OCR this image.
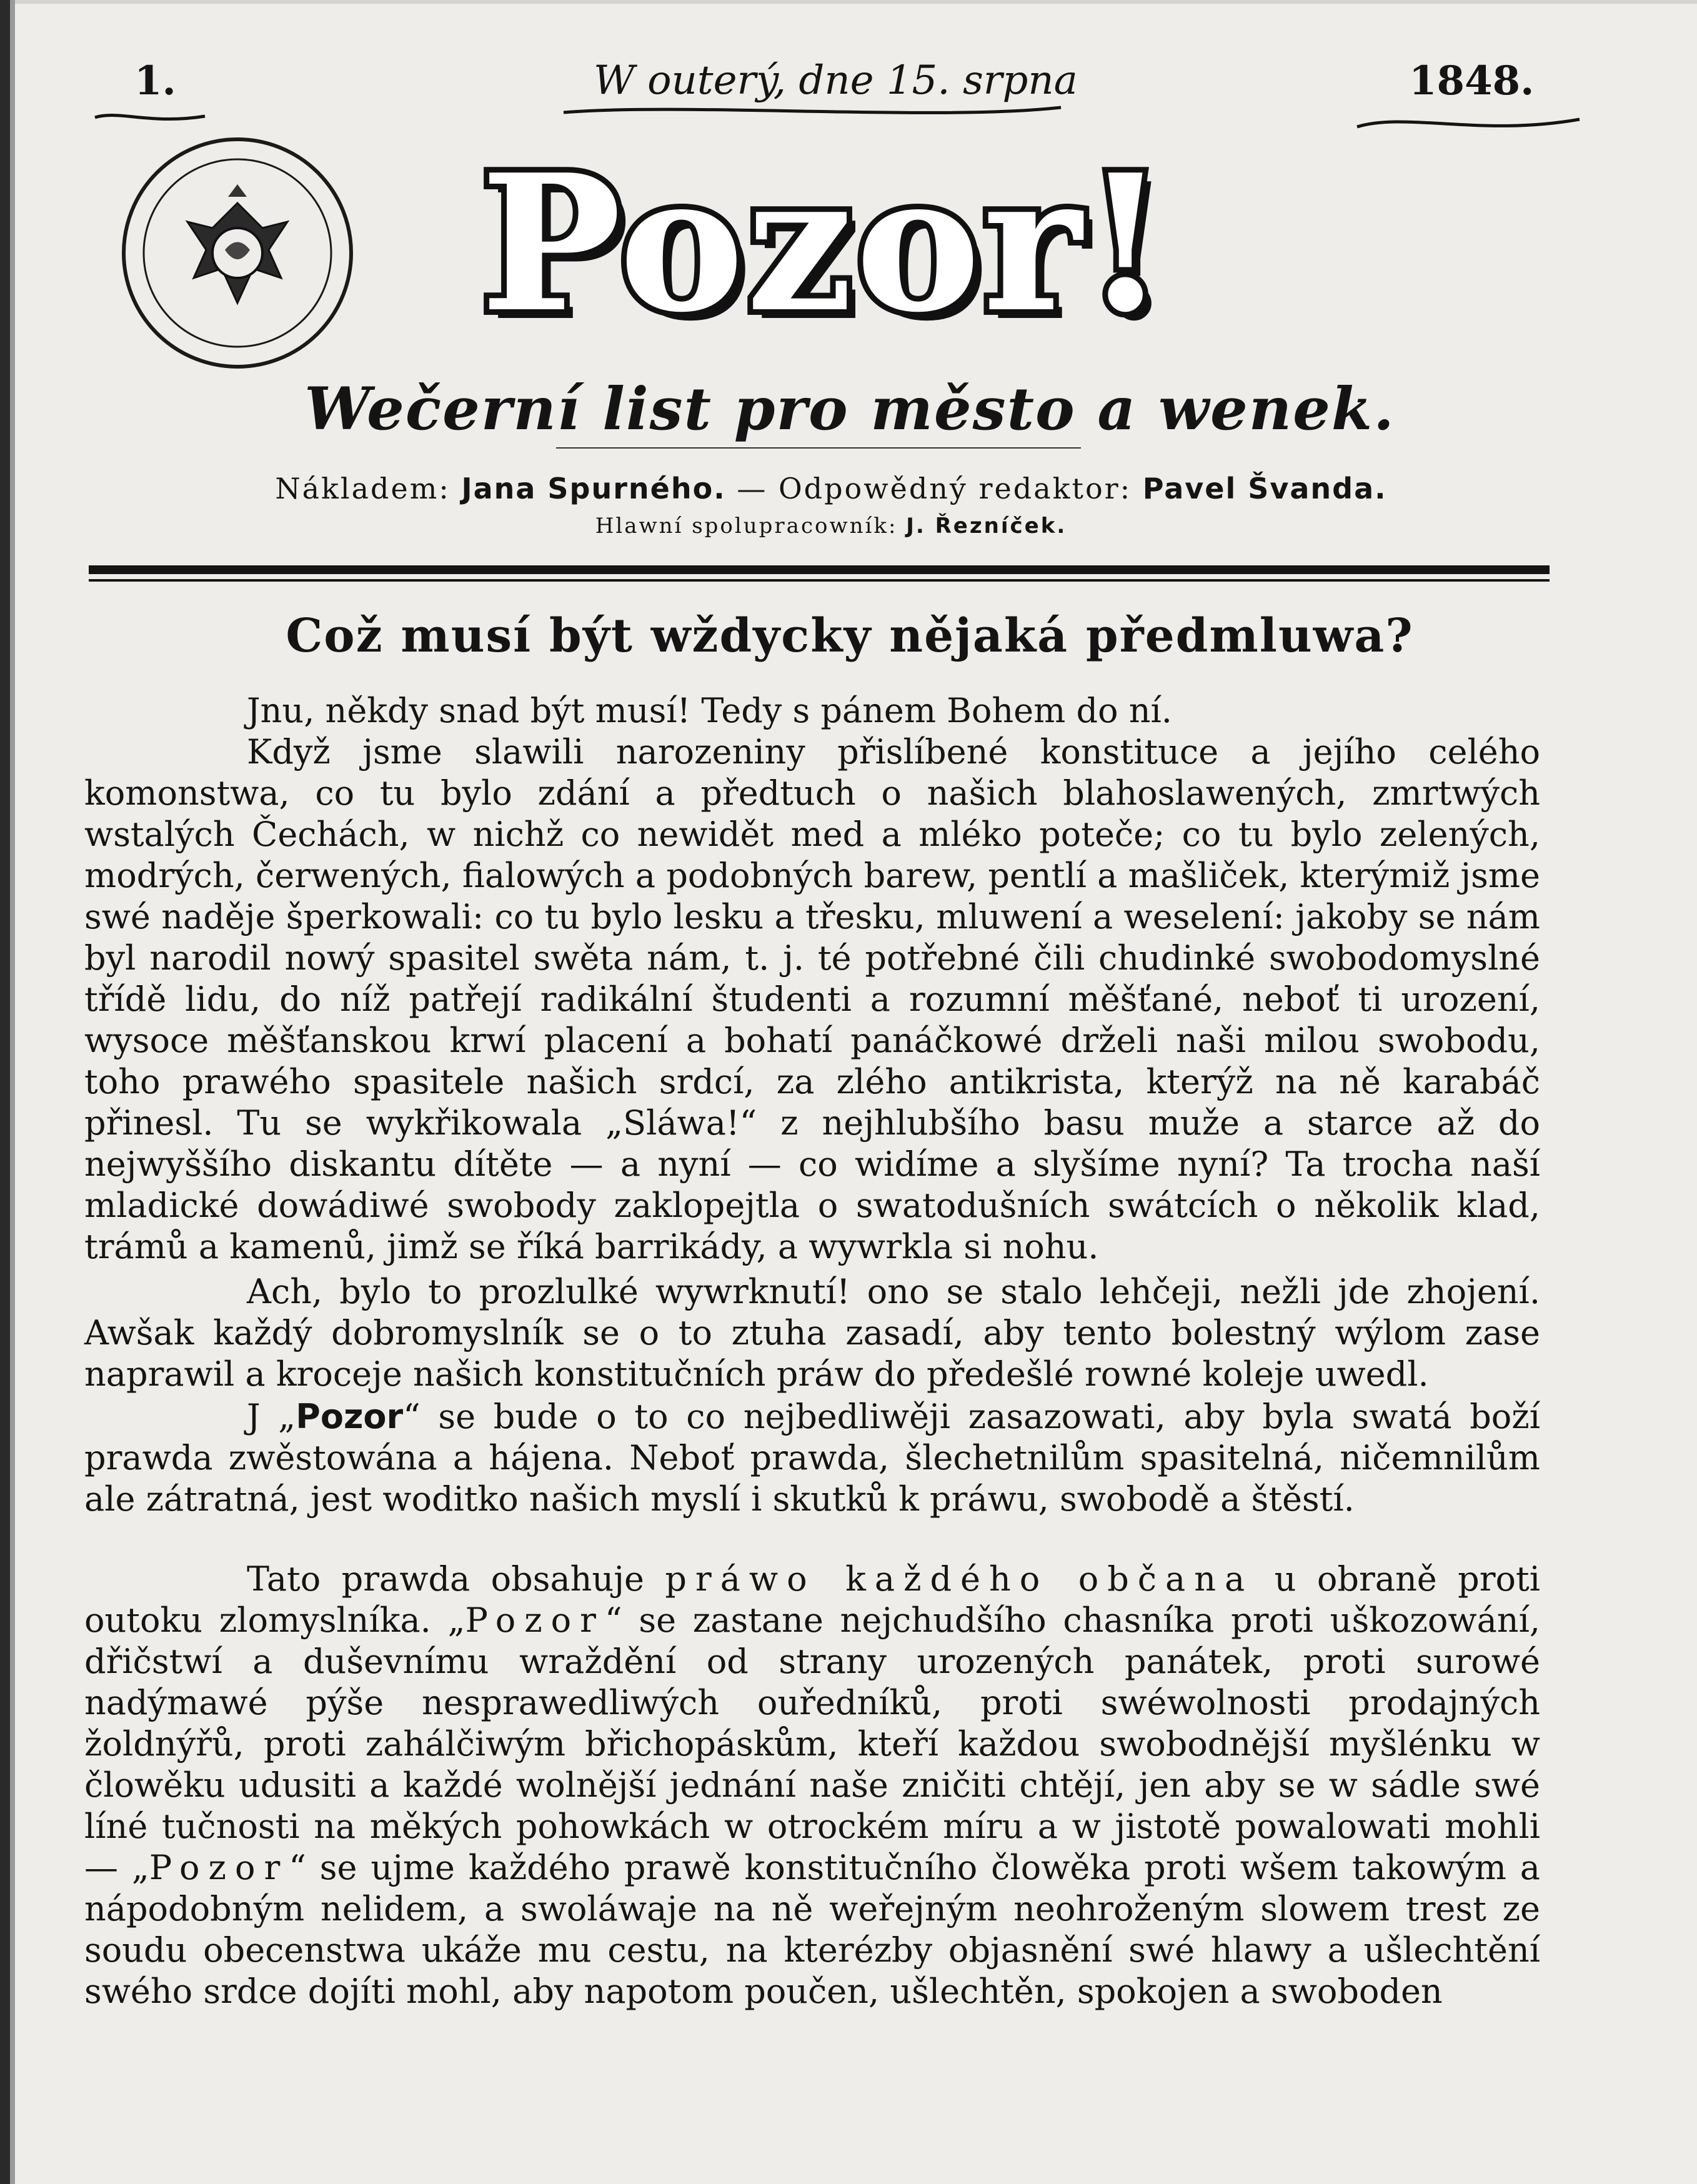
1.	W outerý, dne 15. srpna	1848.
Pozor!
Wečerní list pro město a wenek.
Nákladem: Jana Spurného. — Odpowědný redaktor: Pavel Švanda.
Hlawní spolupracowník: J. Řezníček.
Což musí být wždycky nějaká předmluwa?

Jnu, někdy snad být musí! Tedy s pánem Bohem do ní.

Když jsme slawili narozeniny přislíbené konstituce a jejího celého komonstwa, co tu bylo zdání a předtuch o našich blahoslawených, zmrtwých wstalých Čechách, w nichž co newidět med a mléko poteče; co tu bylo zelených, modrých, čerwených, fialowých a podobných barew, pentlí a mašliček, kterýmiž jsme swé naděje šperkowali: co tu bylo lesku a třesku, mluwení a weselení: jakoby se nám byl narodil nowý spasitel swěta nám, t. j. té potřebné čili chudinké swobodomyslné třídě lidu, do níž patřejí radikální študenti a rozumní měšťané, neboť ti urození, wysoce měšťanskou krwí placení a bohatí panáčkowé drželi naši milou swobodu, toho prawého spasitele našich srdcí, za zlého antikrista, kterýž na ně karabáč přinesl. Tu se wykřikowala „Sláwa!“ z nejhlubšího basu muže a starce až do nejwyššího diskantu dítěte — a nyní — co widíme a slyšíme nyní? Ta trocha naší mladické dowádiwé swobody zaklopejtla o swatodušních swátcích o několik klad, trámů a kamenů, jimž se říká barrikády, a wywrkla si nohu.

Ach, bylo to prozlulké wywrknutí! ono se stalo lehčeji, nežli jde zhojení. Awšak každý dobromyslník se o to ztuha zasadí, aby tento bolestný wýlom zase naprawil a kroceje našich konstitučních práw do předešlé rowné koleje uwedl.

J „Pozor“ se bude o to co nejbedliwěji zasazowati, aby byla swatá boží prawda zwěstowána a hájena. Neboť prawda, šlechetnilům spasitelná, ničemnilům ale zátratná, jest woditko našich myslí i skutků k práwu, swobodě a štěstí.

Tato prawda obsahuje práwo každého občana u obraně proti outoku zlomyslníka. „Pozor“ se zastane nejchudšího chasníka proti uškozowání, dřičstwí a duševnímu wraždění od strany urozených panátek, proti surowé nadýmawé pýše nesprawedliwých ouředníků, proti swéwolnosti prodajných žoldnýřů, proti zahálčiwým břichopáskům, kteří každou swobodnější myšlénku w člowěku udusiti a každé wolnější jednání naše zničiti chtějí, jen aby se w sádle swé líné tučnosti na měkých pohowkách w otrockém míru a w jistotě powalowati mohli — „Pozor“ se ujme každého prawě konstitučního člowěka proti wšem takowým a nápodobným nelidem, a swoláwaje na ně weřejným neohroženým slowem trest ze soudu obecenstwa ukáže mu cestu, na kterézby objasnění swé hlawy a ušlechtění swého srdce dojíti mohl, aby napotom poučen, ušlechtěn, spokojen a swoboden
